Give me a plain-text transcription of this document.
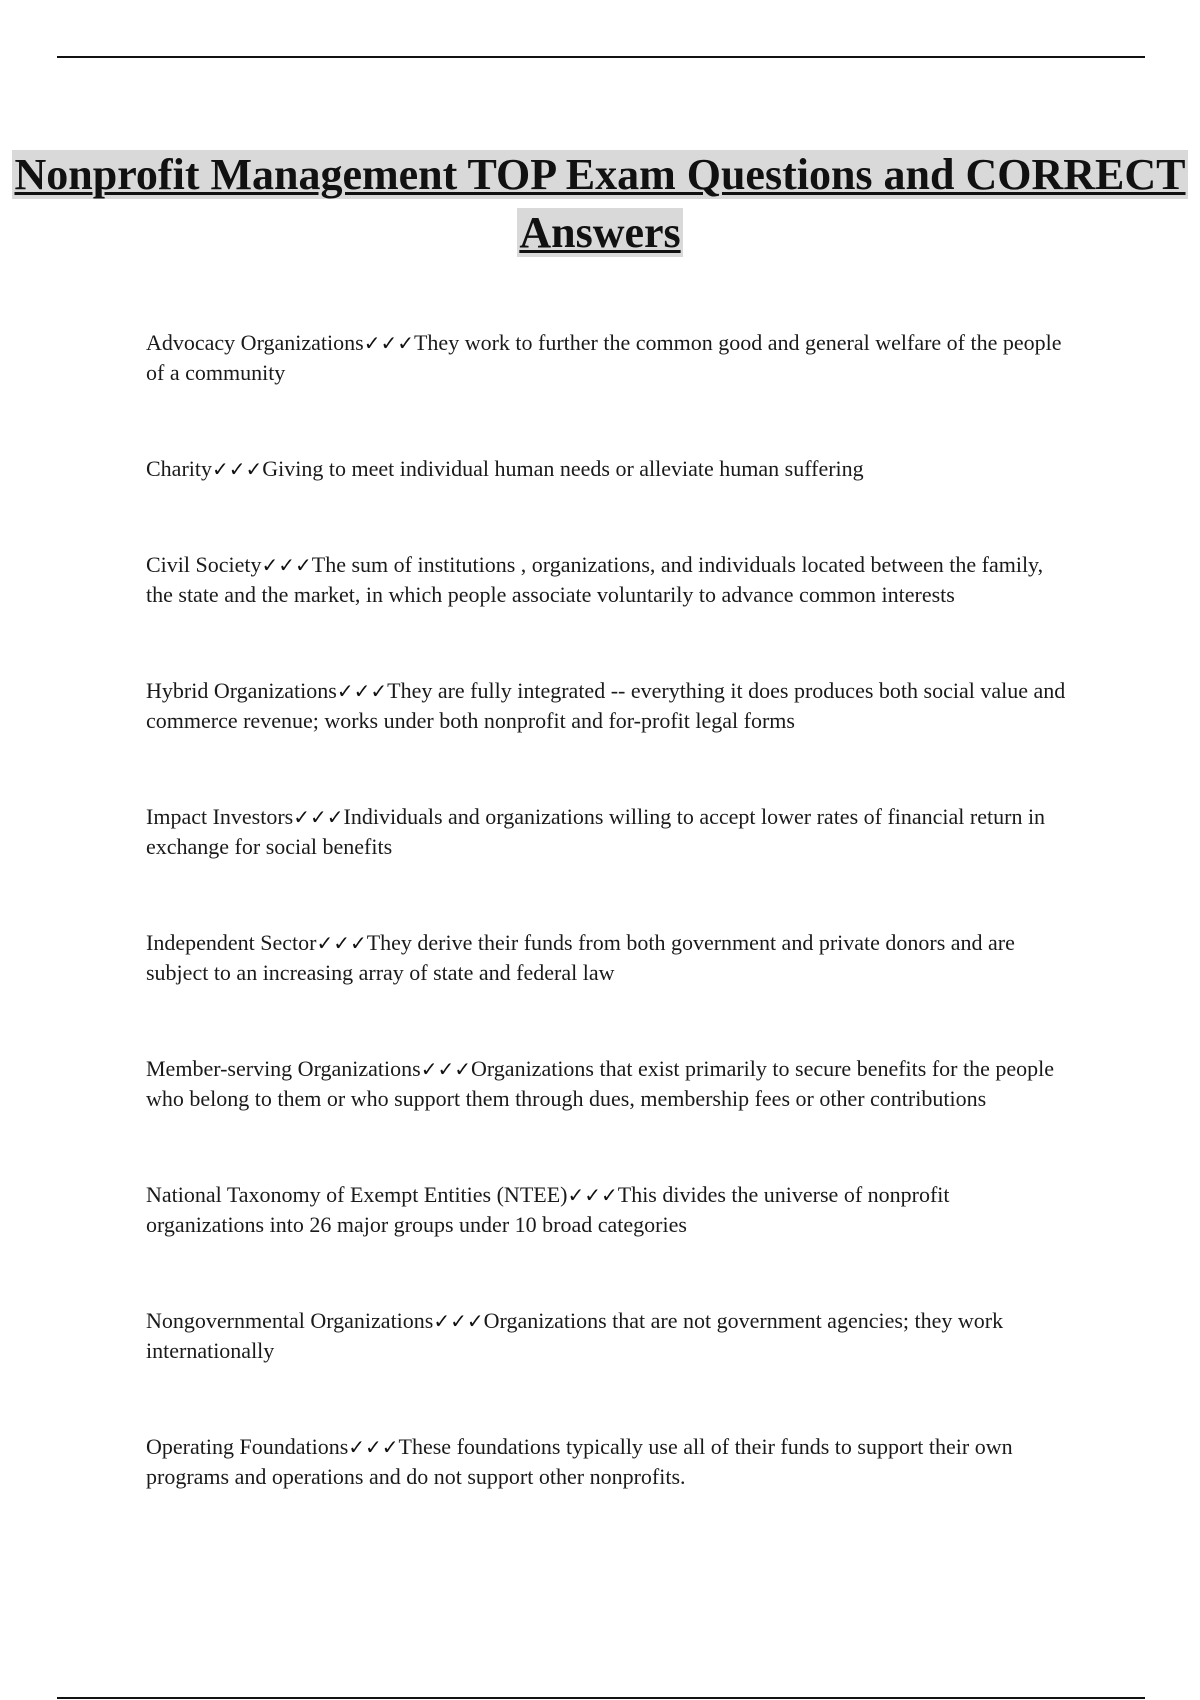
Nonprofit Management TOP Exam Questions and CORRECT Answers

Advocacy Organizations✓✓✓They work to further the common good and general welfare of the people of a community

Charity✓✓✓Giving to meet individual human needs or alleviate human suffering

Civil Society✓✓✓The sum of institutions , organizations, and individuals located between the family, the state and the market, in which people associate voluntarily to advance common interests

Hybrid Organizations✓✓✓They are fully integrated -- everything it does produces both social value and commerce revenue; works under both nonprofit and for-profit legal forms

Impact Investors✓✓✓Individuals and organizations willing to accept lower rates of financial return in exchange for social benefits

Independent Sector✓✓✓They derive their funds from both government and private donors and are subject to an increasing array of state and federal law

Member-serving Organizations✓✓✓Organizations that exist primarily to secure benefits for the people who belong to them or who support them through dues, membership fees or other contributions

National Taxonomy of Exempt Entities (NTEE)✓✓✓This divides the universe of nonprofit organizations into 26 major groups under 10 broad categories

Nongovernmental Organizations✓✓✓Organizations that are not government agencies; they work internationally

Operating Foundations✓✓✓These foundations typically use all of their funds to support their own programs and operations and do not support other nonprofits.
